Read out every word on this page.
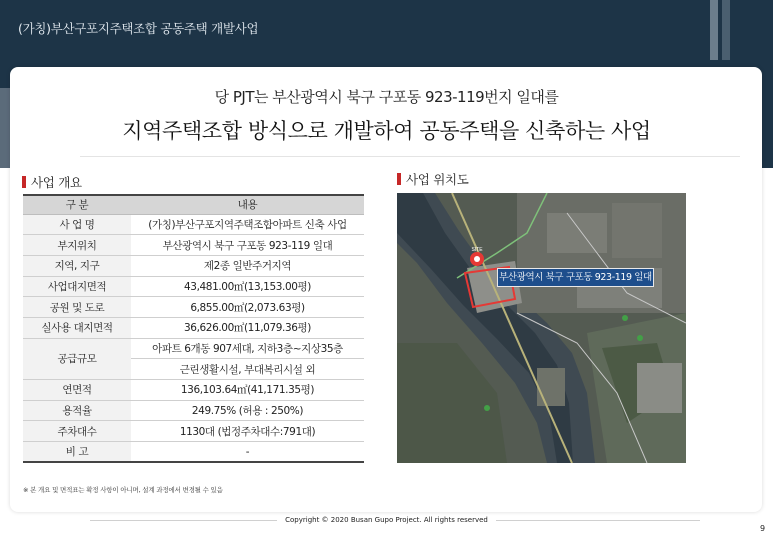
(가칭)부산구포지주택조합 공동주택 개발사업
당 PJT는 부산광역시 북구 구포동 923-119번지 일대를
지역주택조합 방식으로 개발하여 공동주택을 신축하는 사업
사업 개요
구 분	내용
사 업 명	(가칭)부산구포지역주택조합아파트 신축 사업
부지위치	부산광역시 북구 구포동 923-119 일대
지역, 지구	제2종 일반주거지역
사업대지면적	43,481.00㎡(13,153.00평)
공원 및 도로	6,855.00㎡(2,073.63평)
실사용 대지면적	36,626.00㎡(11,079.36평)
공급규모	아파트 6개동 907세대, 지하3층~지상35층
	근린생활시설, 부대복리시설 외
연면적	136,103.64㎡(41,171.35평)
용적율	249.75% (허용 : 250%)
주차대수	1130대 (법정주차대수:791대)
비 고	-
사업 위치도
SITE
부산광역시 북구 구포동 923-119 일대
※ 본 개요 및 면적표는 확정 사항이 아니며, 설계 과정에서 변경될 수 있음
Copyright © 2020 Busan Gupo Project. All rights reserved
9
